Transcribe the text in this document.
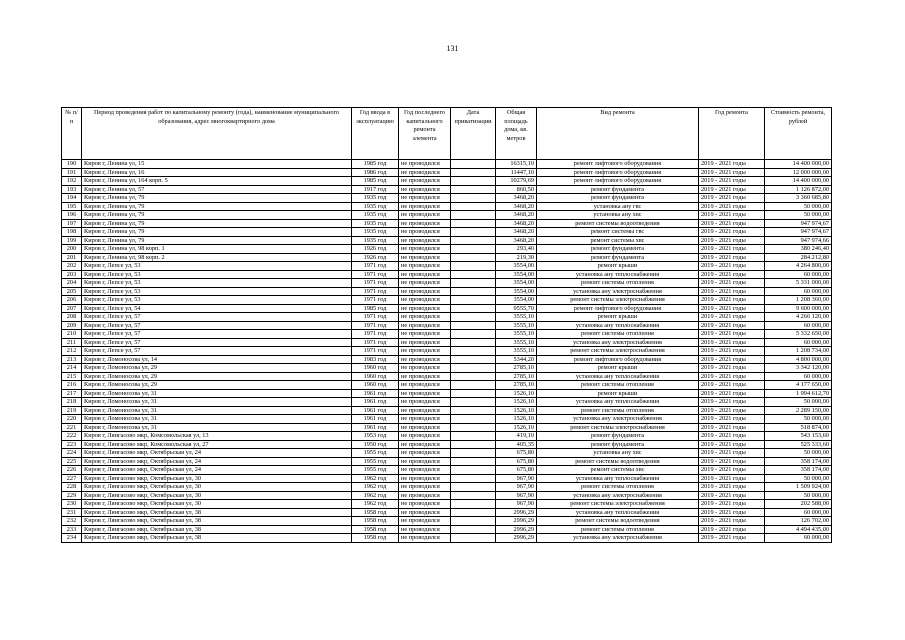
131
№ п/п	Период проведения работ по капитальному ремонту (года), наименование муниципального образования, адрес многоквартирного дома	Год ввода в эксплуатацию	Год последнего капитального ремонта элемента	Дата приватизации	Общая площадь дома, кв. метров	Вид ремонта	Год ремонта	Стоимость ремонта, рублей
190	Киров г, Ленина ул, 15	1985 год	не проводился		16315,10	ремонт лифтового оборудования	2019 - 2021 годы	14 400 000,00
191	Киров г, Ленина ул, 16	1986 год	не проводился		11447,10	ремонт лифтового оборудования	2019 - 2021 годы	12 000 000,00
192	Киров г, Ленина ул, 164 корп. 5	1985 год	не проводился		10279,69	ремонт лифтового оборудования	2019 - 2021 годы	14 400 000,00
193	Киров г, Ленина ул, 57	1917 год	не проводился		860,50	ремонт фундамента	2019 - 2021 годы	1 126 872,00
194	Киров г, Ленина ул, 79	1935 год	не проводился		3468,20	ремонт фундамента	2019 - 2021 годы	3 360 685,80
195	Киров г, Ленина ул, 79	1935 год	не проводился		3468,20	установка ану гвс	2019 - 2021 годы	50 000,00
196	Киров г, Ленина ул, 79	1935 год	не проводился		3468,20	установка ану хвс	2019 - 2021 годы	50 000,00
197	Киров г, Ленина ул, 79	1935 год	не проводился		3468,20	ремонт системы водоотведения	2019 - 2021 годы	947 974,67
198	Киров г, Ленина ул, 79	1935 год	не проводился		3468,20	ремонт системы гвс	2019 - 2021 годы	947 974,67
199	Киров г, Ленина ул, 79	1935 год	не проводился		3468,20	ремонт системы хвс	2019 - 2021 годы	947 974,66
200	Киров г, Ленина ул, 98 корп. 1	1926 год	не проводился		293,40	ремонт фундамента	2019 - 2021 годы	380 246,40
201	Киров г, Ленина ул, 98 корп. 2	1926 год	не проводился		219,30	ремонт фундамента	2019 - 2021 годы	284 212,80
202	Киров г, Лепсе ул, 53	1971 год	не проводился		3554,00	ремонт крыши	2019 - 2021 годы	4 264 800,00
203	Киров г, Лепсе ул, 53	1971 год	не проводился		3554,00	установка ану теплоснабжения	2019 - 2021 годы	60 000,00
204	Киров г, Лепсе ул, 53	1971 год	не проводился		3554,00	ремонт системы отопления	2019 - 2021 годы	5 331 000,00
205	Киров г, Лепсе ул, 53	1971 год	не проводился		3554,00	установка ану электроснабжения	2019 - 2021 годы	60 000,00
206	Киров г, Лепсе ул, 53	1971 год	не проводился		3554,00	ремонт системы электроснабжения	2019 - 2021 годы	1 208 360,00
207	Киров г, Лепсе ул, 54	1985 год	не проводился		9555,70	ремонт лифтового оборудования	2019 - 2021 годы	9 600 000,00
208	Киров г, Лепсе ул, 57	1971 год	не проводился		3555,10	ремонт крыши	2019 - 2021 годы	4 266 120,00
209	Киров г, Лепсе ул, 57	1971 год	не проводился		3555,10	установка ану теплоснабжения	2019 - 2021 годы	60 000,00
210	Киров г, Лепсе ул, 57	1971 год	не проводился		3555,10	ремонт системы отопления	2019 - 2021 годы	5 332 650,00
211	Киров г, Лепсе ул, 57	1971 год	не проводился		3555,10	установка ану электроснабжения	2019 - 2021 годы	60 000,00
212	Киров г, Лепсе ул, 57	1971 год	не проводился		3555,10	ремонт системы электроснабжения	2019 - 2021 годы	1 208 734,00
213	Киров г, Ломоносова ул, 14	1983 год	не проводился		5344,20	ремонт лифтового оборудования	2019 - 2021 годы	4 800 000,00
214	Киров г, Ломоносова ул, 29	1960 год	не проводился		2785,10	ремонт крыши	2019 - 2021 годы	3 342 120,00
215	Киров г, Ломоносова ул, 29	1960 год	не проводился		2785,10	установка ану теплоснабжения	2019 - 2021 годы	60 000,00
216	Киров г, Ломоносова ул, 29	1960 год	не проводился		2785,10	ремонт системы отопления	2019 - 2021 годы	4 177 650,00
217	Киров г, Ломоносова ул, 31	1961 год	не проводился		1526,10	ремонт крыши	2019 - 2021 годы	1 994 612,70
218	Киров г, Ломоносова ул, 31	1961 год	не проводился		1526,10	установка ану теплоснабжения	2019 - 2021 годы	50 000,00
219	Киров г, Ломоносова ул, 31	1961 год	не проводился		1526,10	ремонт системы отопления	2019 - 2021 годы	2 289 150,00
220	Киров г, Ломоносова ул, 31	1961 год	не проводился		1526,10	установка ану электроснабжения	2019 - 2021 годы	50 000,00
221	Киров г, Ломоносова ул, 31	1961 год	не проводился		1526,10	ремонт системы электроснабжения	2019 - 2021 годы	518 874,00
222	Киров г, Лянгасово мкр, Комсомольская ул, 13	1953 год	не проводился		419,10	ремонт фундамента	2019 - 2021 годы	543 153,60
223	Киров г, Лянгасово мкр, Комсомольская ул, 27	1950 год	не проводился		405,35	ремонт фундамента	2019 - 2021 годы	525 333,60
224	Киров г, Лянгасово мкр, Октябрьская ул, 24	1955 год	не проводился		675,80	установка ану хвс	2019 - 2021 годы	50 000,00
225	Киров г, Лянгасово мкр, Октябрьская ул, 24	1955 год	не проводился		675,80	ремонт системы водоотведения	2019 - 2021 годы	358 174,00
226	Киров г, Лянгасово мкр, Октябрьская ул, 24	1955 год	не проводился		675,80	ремонт системы хвс	2019 - 2021 годы	358 174,00
227	Киров г, Лянгасово мкр, Октябрьская ул, 30	1962 год	не проводился		967,90	установка ану теплоснабжения	2019 - 2021 годы	50 000,00
228	Киров г, Лянгасово мкр, Октябрьская ул, 30	1962 год	не проводился		967,90	ремонт системы отопления	2019 - 2021 годы	1 509 924,00
229	Киров г, Лянгасово мкр, Октябрьская ул, 30	1962 год	не проводился		967,90	установка ану электроснабжения	2019 - 2021 годы	50 000,00
230	Киров г, Лянгасово мкр, Октябрьская ул, 30	1962 год	не проводился		967,90	ремонт системы электроснабжения	2019 - 2021 годы	202 588,00
231	Киров г, Лянгасово мкр, Октябрьская ул, 38	1958 год	не проводился		2996,29	установка ану теплоснабжения	2019 - 2021 годы	60 000,00
232	Киров г, Лянгасово мкр, Октябрьская ул, 38	1958 год	не проводился		2996,29	ремонт системы водоотведения	2019 - 2021 годы	126 702,00
233	Киров г, Лянгасово мкр, Октябрьская ул, 38	1958 год	не проводился		2996,29	ремонт системы отопления	2019 - 2021 годы	4 494 435,00
234	Киров г, Лянгасово мкр, Октябрьская ул, 38	1958 год	не проводился		2996,29	установка ану электроснабжения	2019 - 2021 годы	60 000,00
